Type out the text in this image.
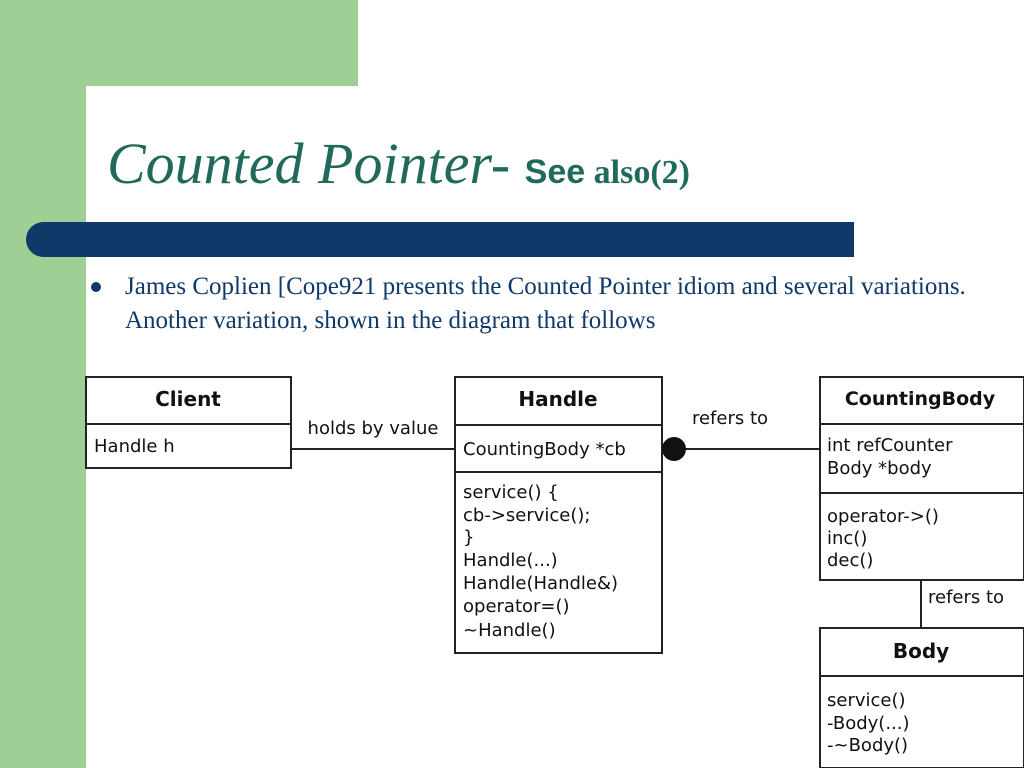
Counted Pointer- See also(2)

James Coplien [Cope921 presents the Counted Pointer idiom and several variations. Another variation, shown in the diagram that follows

Client
Handle h
holds by value
Handle
CountingBody *cb
service() {
cb->service();
}
Handle(...)
Handle(Handle&)
operator=()
~Handle()
refers to
CountingBody
int refCounter
Body *body
operator->()
inc()
dec()
refers to
Body
service()
-Body(...)
-~Body()
